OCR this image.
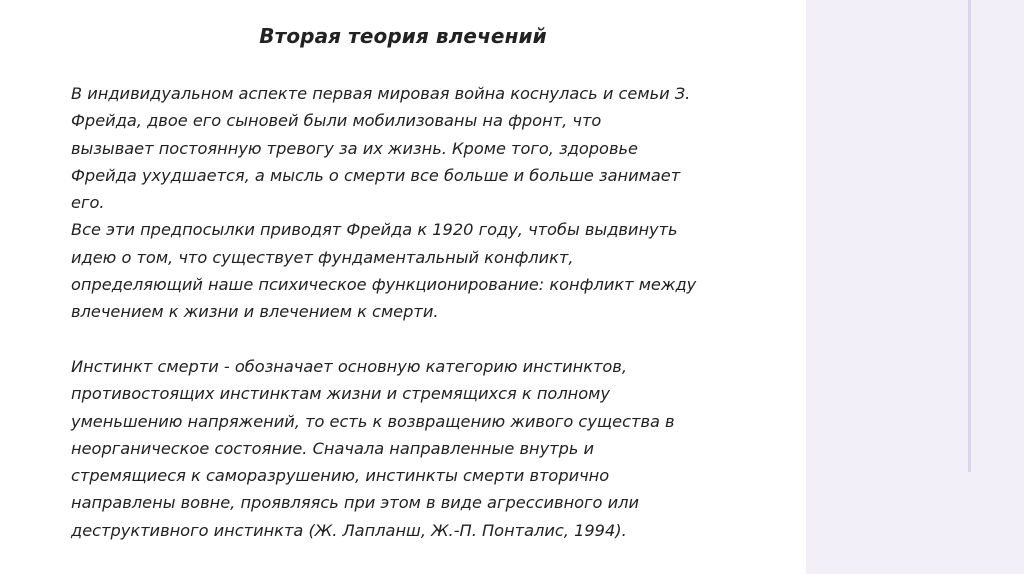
Вторая теория влечений
В индивидуальном аспекте первая мировая война коснулась и семьи З.
Фрейда, двое его сыновей были мобилизованы на фронт, что
вызывает постоянную тревогу за их жизнь. Кроме того, здоровье
Фрейда ухудшается, а мысль о смерти все больше и больше занимает
его.
Все эти предпосылки приводят Фрейда к 1920 году, чтобы выдвинуть
идею о том, что существует фундаментальный конфликт,
определяющий наше психическое функционирование: конфликт между
влечением к жизни и влечением к смерти.
Инстинкт смерти - обозначает основную категорию инстинктов,
противостоящих инстинктам жизни и стремящихся к полному
уменьшению напряжений, то есть к возвращению живого существа в
неорганическое состояние. Сначала направленные внутрь и
стремящиеся к саморазрушению, инстинкты смерти вторично
направлены вовне, проявляясь при этом в виде агрессивного или
деструктивного инстинкта (Ж. Лапланш, Ж.-П. Понталис, 1994).
